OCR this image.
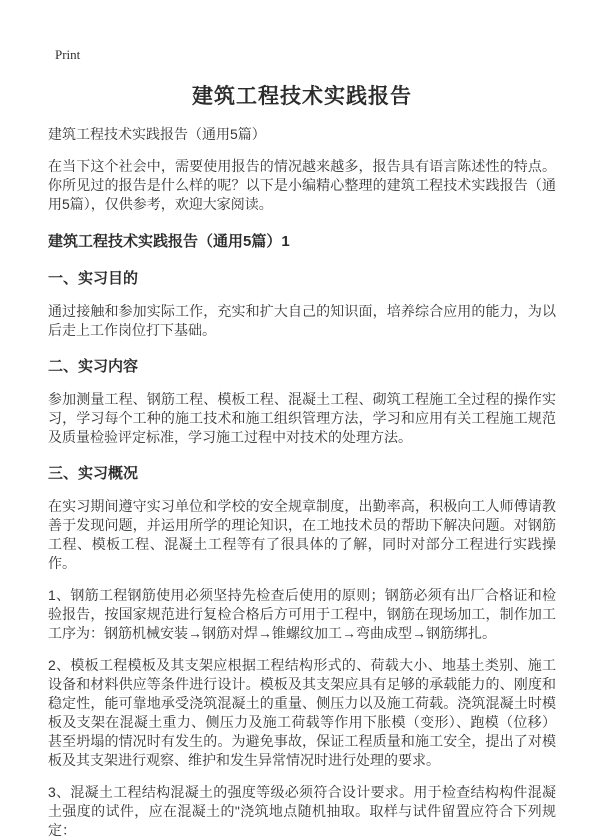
Print
建筑工程技术实践报告
建筑工程技术实践报告（通用5篇）

在当下这个社会中，需要使用报告的情况越来越多，报告具有语言陈述性的特点。你所见过的报告是什么样的呢？以下是小编精心整理的建筑工程技术实践报告（通用5篇），仅供参考，欢迎大家阅读。

建筑工程技术实践报告（通用5篇）1
一、实习目的

通过接触和参加实际工作，充实和扩大自己的知识面，培养综合应用的能力，为以后走上工作岗位打下基础。

二、实习内容

参加测量工程、钢筋工程、模板工程、混凝土工程、砌筑工程施工全过程的操作实习，学习每个工种的施工技术和施工组织管理方法，学习和应用有关工程施工规范及质量检验评定标准，学习施工过程中对技术的处理方法。

三、实习概况

在实习期间遵守实习单位和学校的安全规章制度，出勤率高，积极向工人师傅请教善于发现问题，并运用所学的理论知识，在工地技术员的帮助下解决问题。对钢筋工程、模板工程、混凝土工程等有了很具体的了解，同时对部分工程进行实践操作。

1、钢筋工程钢筋使用必须坚持先检查后使用的原则；钢筋必须有出厂合格证和检验报告，按国家规范进行复检合格后方可用于工程中，钢筋在现场加工，制作加工工序为：钢筋机械安装→钢筋对焊→锥螺纹加工→弯曲成型→钢筋绑扎。

2、模板工程模板及其支架应根据工程结构形式的、荷载大小、地基土类别、施工设备和材料供应等条件进行设计。模板及其支架应具有足够的承载能力的、刚度和稳定性，能可靠地承受浇筑混凝土的重量、侧压力以及施工荷载。浇筑混凝土时模板及支架在混凝土重力、侧压力及施工荷载等作用下胀模（变形）、跑模（位移）甚至坍塌的情况时有发生的。为避免事故，保证工程质量和施工安全，提出了对模板及其支架进行观察、维护和发生异常情况时进行处理的要求。

3、混凝土工程结构混凝土的强度等级必须符合设计要求。用于检查结构构件混凝土强度的试件，应在混凝土的"浇筑地点随机抽取。取样与试件留置应符合下列规定：
